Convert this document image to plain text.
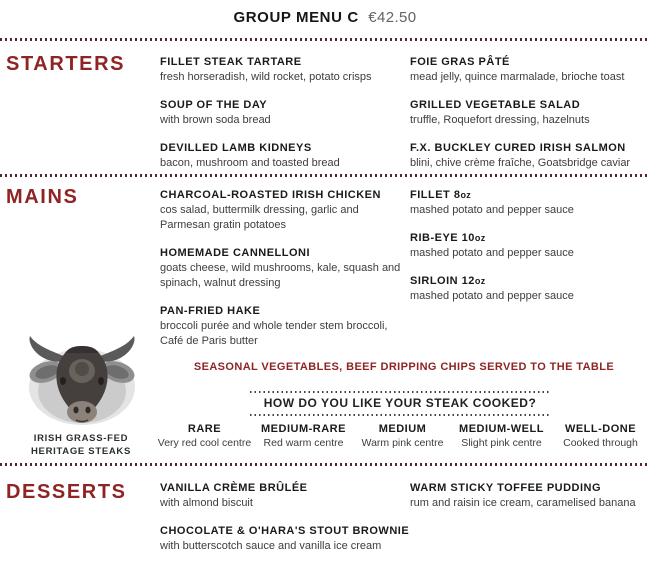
GROUP MENU C €42.50
STARTERS
MAINS
DESSERTS
FILLET STEAK TARTARE
fresh horseradish, wild rocket, potato crisps
SOUP OF THE DAY
with brown soda bread
DEVILLED LAMB KIDNEYS
bacon, mushroom and toasted bread
FOIE GRAS PÂTÉ
mead jelly, quince marmalade, brioche toast
GRILLED VEGETABLE SALAD
truffle, Roquefort dressing, hazelnuts
F.X. BUCKLEY CURED IRISH SALMON
blini, chive crème fraîche, Goatsbridge caviar
CHARCOAL-ROASTED IRISH CHICKEN
cos salad, buttermilk dressing, garlic and Parmesan gratin potatoes
HOMEMADE CANNELLONI
goats cheese, wild mushrooms, kale, squash and spinach, walnut dressing
PAN-FRIED HAKE
broccoli purée and whole tender stem broccoli, Café de Paris butter
FILLET 8oz
mashed potato and pepper sauce
RIB-EYE 10oz
mashed potato and pepper sauce
SIRLOIN 12oz
mashed potato and pepper sauce
VANILLA CRÈME BRÛLÉE
with almond biscuit
CHOCOLATE & O'HARA'S STOUT BROWNIE
with butterscotch sauce and vanilla ice cream
WARM STICKY TOFFEE PUDDING
rum and raisin ice cream, caramelised banana
SEASONAL VEGETABLES, BEEF DRIPPING CHIPS SERVED TO THE TABLE
HOW DO YOU LIKE YOUR STEAK COOKED?
RARE
Very red cool centre
MEDIUM-RARE
Red warm centre
MEDIUM
Warm pink centre
MEDIUM-WELL
Slight pink centre
WELL-DONE
Cooked through
IRISH GRASS-FED
HERITAGE STEAKS
